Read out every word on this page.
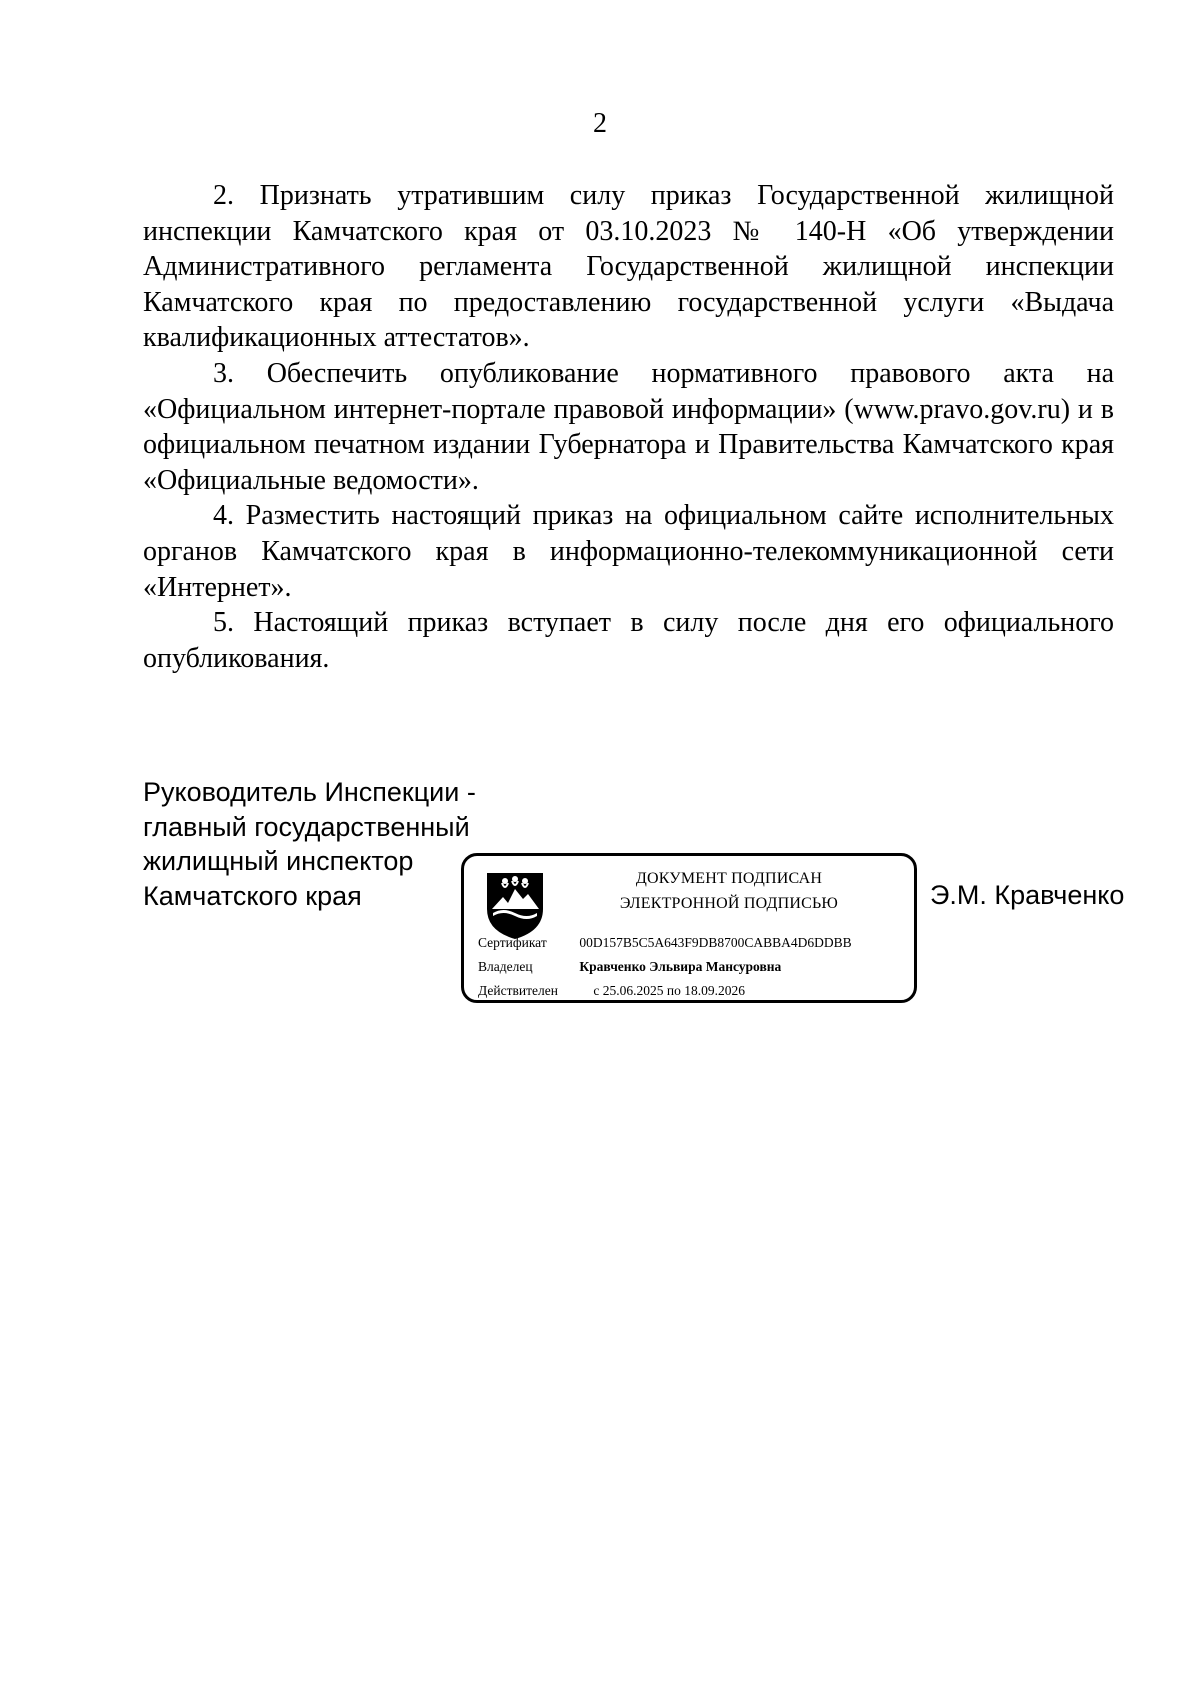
2

2. Признать утратившим силу приказ Государственной жилищной инспекции Камчатского края от 03.10.2023 № 140-Н «Об утверждении Административного регламента Государственной жилищной инспекции Камчатского края по предоставлению государственной услуги «Выдача квалификационных аттестатов».

3. Обеспечить опубликование нормативного правового акта на «Официальном интернет-портале правовой информации» (www.pravo.gov.ru) и в официальном печатном издании Губернатора и Правительства Камчатского края «Официальные ведомости».

4. Разместить настоящий приказ на официальном сайте исполнительных органов Камчатского края в информационно-телекоммуникационной сети «Интернет».

5. Настоящий приказ вступает в силу после дня его официального опубликования.

Руководитель Инспекции -
главный государственный
жилищный инспектор
Камчатского края
ДОКУМЕНТ ПОДПИСАН
ЭЛЕКТРОННОЙ ПОДПИСЬЮ
Сертификат 00D157B5C5A643F9DB8700CABBA4D6DDBB
Владелец	Кравченко Эльвира Мансуровна
Действителен	с 25.06.2025 по 18.09.2026
Э.М. Кравченко
